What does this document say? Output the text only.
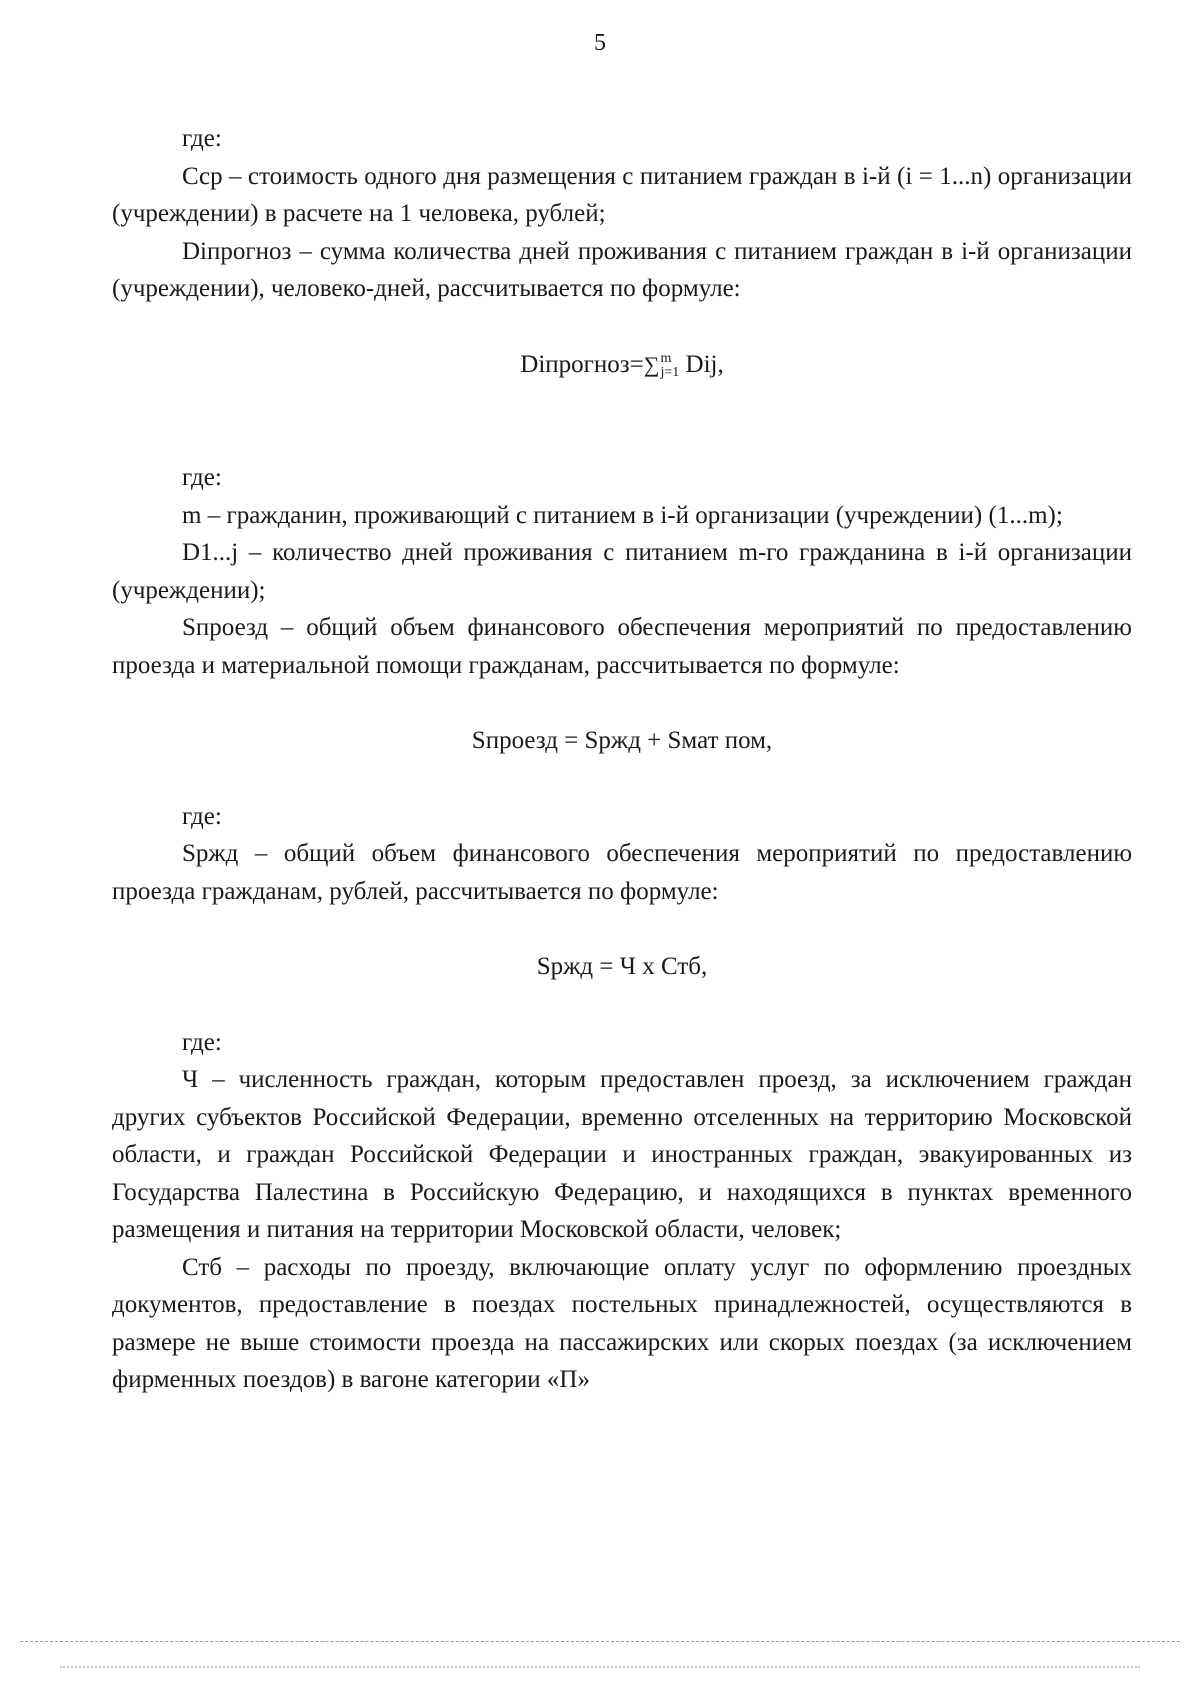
5

где:

Сср – стоимость одного дня размещения с питанием граждан в i-й (i = 1...n) организации (учреждении) в расчете на 1 человека, рублей;

Diпрогноз – сумма количества дней проживания с питанием граждан в i-й организации (учреждении), человеко-дней, рассчитывается по формуле:

Diпрогноз=∑ m
j=1 Dij,

где:

m – гражданин, проживающий с питанием в i-й организации (учреждении) (1...m);

D1...j – количество дней проживания с питанием m-го гражданина в i-й организации (учреждении);

Sпроезд – общий объем финансового обеспечения мероприятий по предоставлению проезда и материальной помощи гражданам, рассчитывается по формуле:

Sпроезд = Sржд + Sмат пом,

где:

Sржд – общий объем финансового обеспечения мероприятий по предоставлению проезда гражданам, рублей, рассчитывается по формуле:

Sржд = Ч х Стб,

где:

Ч – численность граждан, которым предоставлен проезд, за исключением граждан других субъектов Российской Федерации, временно отселенных на территорию Московской области, и граждан Российской Федерации и иностранных граждан, эвакуированных из Государства Палестина в Российскую Федерацию, и находящихся в пунктах временного размещения и питания на территории Московской области, человек;

Стб – расходы по проезду, включающие оплату услуг по оформлению проездных документов, предоставление в поездах постельных принадлежностей, осуществляются в размере не выше стоимости проезда на пассажирских или скорых поездах (за исключением фирменных поездов) в вагоне категории «П»
